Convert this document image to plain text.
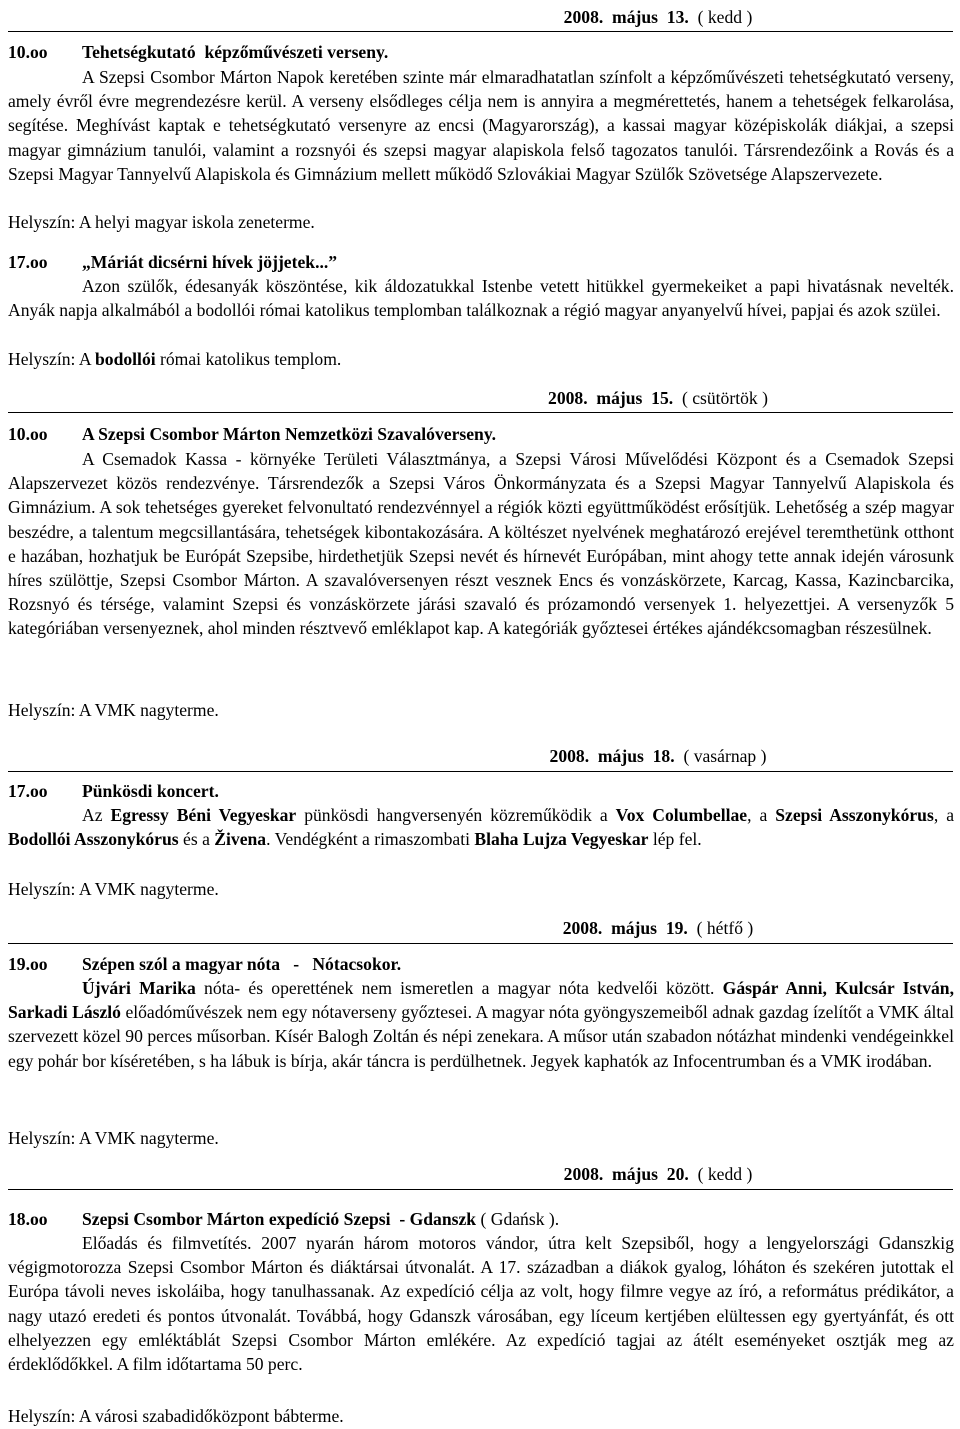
2008.  május  13.  ( kedd )
10.oo Tehetségkutató  képzőművészeti verseny.
A Szepsi Csombor Márton Napok keretében szinte már elmaradhatatlan színfolt a képzőművészeti tehetségkutató verseny, amely évről évre megrendezésre kerül. A verseny elsődleges célja nem is annyira a megmérettetés, hanem a tehetségek felkarolása, segítése. Meghívást kaptak e tehetségkutató versenyre az encsi (Magyarország), a kassai magyar középiskolák diákjai, a szepsi magyar gimnázium tanulói, valamint a rozsnyói és szepsi magyar alapiskola felső tagozatos tanulói. Társrendezőink a Rovás és a Szepsi Magyar Tannyelvű Alapiskola és Gimnázium mellett működő Szlovákiai Magyar Szülők Szövetsége Alapszervezete.
Helyszín: A helyi magyar iskola zeneterme.
17.oo „Máriát dicsérni hívek jöjjetek...”
Azon szülők, édesanyák köszöntése, kik áldozatukkal Istenbe vetett hitükkel gyermekeiket a papi hivatásnak nevelték. Anyák napja alkalmából a bodollói római katolikus templomban találkoznak a régió magyar anyanyelvű hívei, papjai és azok szülei.
Helyszín: A bodollói római katolikus templom.
2008.  május  15.  ( csütörtök )
10.oo A Szepsi Csombor Márton Nemzetközi Szavalóverseny.
A Csemadok Kassa - környéke Területi Választmánya, a Szepsi Városi Művelődési Központ és a Csemadok Szepsi Alapszervezet közös rendezvénye. Társrendezők a Szepsi Város Önkormányzata és a Szepsi Magyar Tannyelvű Alapiskola és Gimnázium. A sok tehetséges gyereket felvonultató rendezvénnyel a régiók közti együttműködést erősítjük. Lehetőség a szép magyar beszédre, a talentum megcsillantására, tehetségek kibontakozására. A költészet nyelvének meghatározó erejével teremthetünk otthont e hazában, hozhatjuk be Európát Szepsibe, hirdethetjük Szepsi nevét és hírnevét Európában, mint ahogy tette annak idején városunk híres szülöttje, Szepsi Csombor Márton. A szavalóversenyen részt vesznek Encs és vonzáskörzete, Karcag, Kassa, Kazincbarcika, Rozsnyó és térsége, valamint Szepsi és vonzáskörzete járási szavaló és prózamondó versenyek 1. helyezettjei. A versenyzők 5 kategóriában versenyeznek, ahol minden résztvevő emléklapot kap. A kategóriák győztesei értékes ajándékcsomagban részesülnek.
Helyszín: A VMK nagyterme.
2008.  május  18.  ( vasárnap )
17.oo Pünkösdi koncert.
Az Egressy Béni Vegyeskar pünkösdi hangversenyén közreműködik a Vox Columbellae, a Szepsi Asszonykórus, a Bodollói Asszonykórus és a Živena. Vendégként a rimaszombati Blaha Lujza Vegyeskar lép fel.
Helyszín: A VMK nagyterme.
2008.  május  19.  ( hétfő )
19.oo Szépen szól a magyar nóta   -   Nótacsokor.
Újvári Marika nóta- és operettének nem ismeretlen a magyar nóta kedvelői között. Gáspár Anni, Kulcsár István, Sarkadi László előadóművészek nem egy nótaverseny győztesei. A magyar nóta gyöngyszemeiből adnak gazdag ízelítőt a VMK által szervezett közel 90 perces műsorban. Kísér Balogh Zoltán és népi zenekara. A műsor után szabadon nótázhat mindenki vendégeinkkel egy pohár bor kíséretében, s ha lábuk is bírja, akár táncra is perdülhetnek. Jegyek kaphatók az Infocentrumban és a VMK irodában.
Helyszín: A VMK nagyterme.
2008.  május  20.  ( kedd )
18.oo Szepsi Csombor Márton expedíció Szepsi  - Gdanszk ( Gdańsk ).
Előadás és filmvetítés. 2007 nyarán három motoros vándor, útra kelt Szepsiből, hogy a lengyelországi Gdanszkig végigmotorozza Szepsi Csombor Márton és diáktársai útvonalát. A 17. században a diákok gyalog, lóháton és szekéren jutottak el Európa távoli neves iskoláiba, hogy tanulhassanak. Az expedíció célja az volt, hogy filmre vegye az író, a református prédikátor, a nagy utazó eredeti és pontos útvonalát. Továbbá, hogy Gdanszk városában, egy líceum kertjében elültessen egy gyertyánfát, és ott elhelyezzen egy emléktáblát Szepsi Csombor Márton emlékére. Az expedíció tagjai az átélt eseményeket osztják meg az érdeklődőkkel. A film időtartama 50 perc.
Helyszín: A városi szabadidőközpont bábterme.
